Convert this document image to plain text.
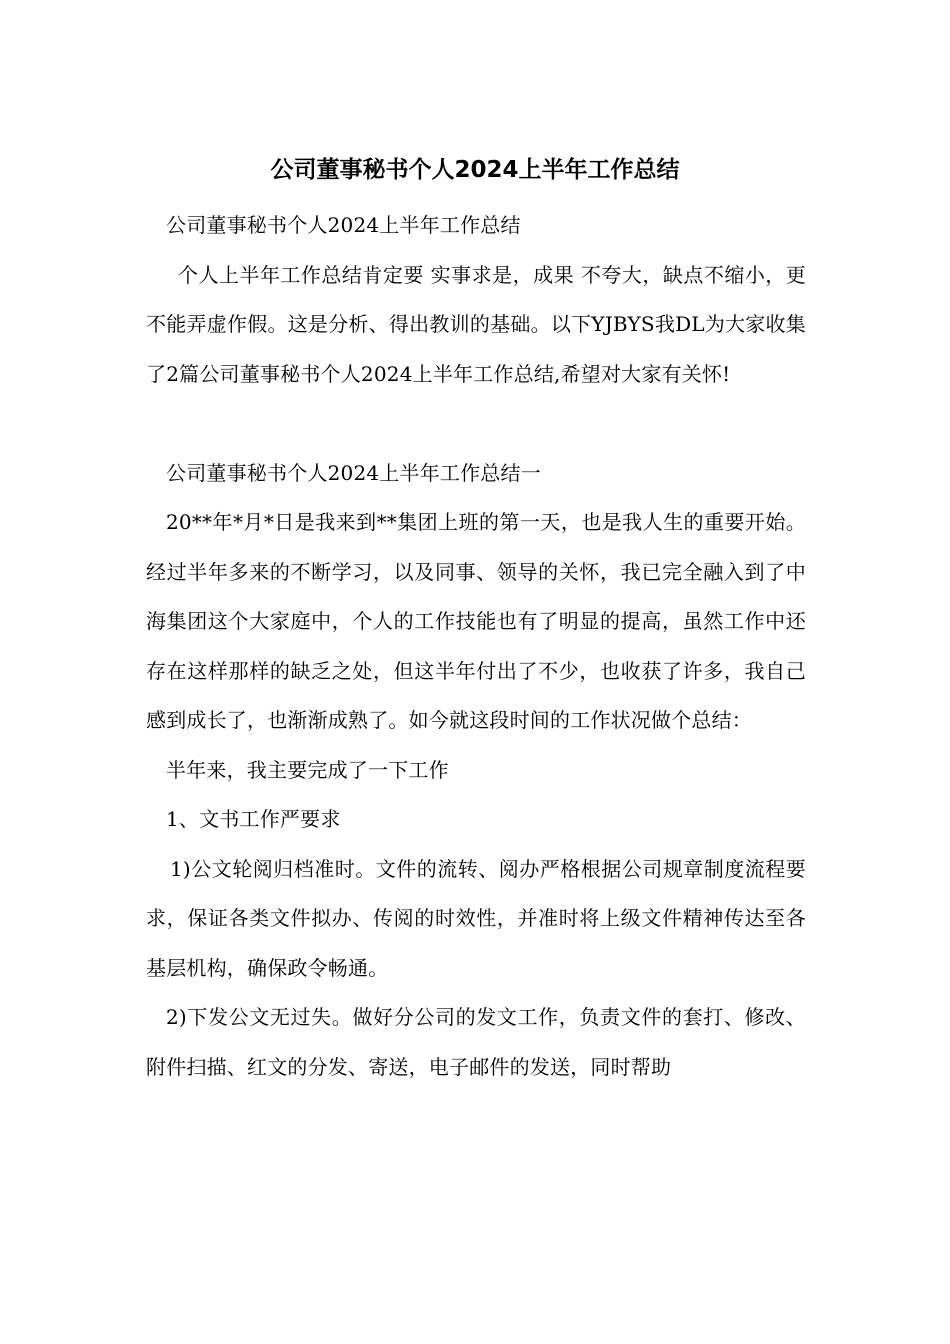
公司董事秘书个人2024上半年工作总结

公司董事秘书个人2024上半年工作总结

个人上半年工作总结肯定要 实事求是，成果 不夸大，缺点不缩小，更不能弄虚作假。这是分析、得出教训的基础。以下YJBYS我DL为大家收集了2篇公司董事秘书个人2024上半年工作总结,希望对大家有关怀!

公司董事秘书个人2024上半年工作总结一

20**年*月*日是我来到**集团上班的第一天，也是我人生的重要开始。经过半年多来的不断学习，以及同事、领导的关怀，我已完全融入到了中海集团这个大家庭中，个人的工作技能也有了明显的提高，虽然工作中还存在这样那样的缺乏之处，但这半年付出了不少，也收获了许多，我自己感到成长了，也渐渐成熟了。如今就这段时间的工作状况做个总结：

半年来，我主要完成了一下工作

1、文书工作严要求

1)公文轮阅归档准时。文件的流转、阅办严格根据公司规章制度流程要求，保证各类文件拟办、传阅的时效性，并准时将上级文件精神传达至各基层机构，确保政令畅通。

2)下发公文无过失。做好分公司的发文工作，负责文件的套打、修改、附件扫描、红文的分发、寄送，电子邮件的发送，同时帮助
